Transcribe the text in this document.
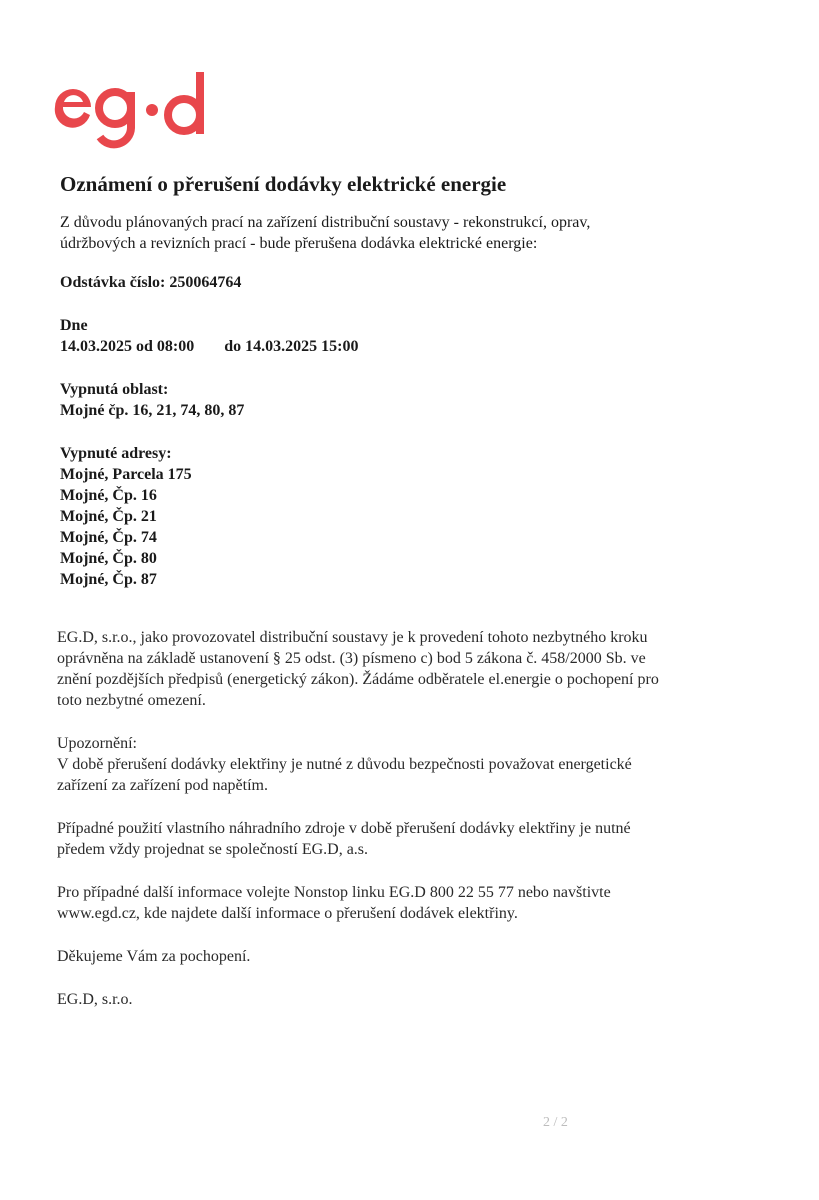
Oznámení o přerušení dodávky elektrické energie

Z důvodu plánovaných prací na zařízení distribuční soustavy - rekonstrukcí, oprav,

údržbových a revizních prací - bude přerušena dodávka elektrické energie:

Odstávka číslo: 250064764

Dne

14.03.2025 od 08:00 do 14.03.2025 15:00

Vypnutá oblast:

Mojné čp. 16, 21, 74, 80, 87

Vypnuté adresy:

Mojné, Parcela 175

Mojné, Čp. 16

Mojné, Čp. 21

Mojné, Čp. 74

Mojné, Čp. 80

Mojné, Čp. 87

EG.D, s.r.o., jako provozovatel distribuční soustavy je k provedení tohoto nezbytného kroku

oprávněna na základě ustanovení § 25 odst. (3) písmeno c) bod 5 zákona č. 458/2000 Sb. ve

znění pozdějších předpisů (energetický zákon). Žádáme odběratele el.energie o pochopení pro

toto nezbytné omezení.

Upozornění:

V době přerušení dodávky elektřiny je nutné z důvodu bezpečnosti považovat energetické

zařízení za zařízení pod napětím.

Případné použití vlastního náhradního zdroje v době přerušení dodávky elektřiny je nutné

předem vždy projednat se společností EG.D, a.s.

Pro případné další informace volejte Nonstop linku EG.D 800 22 55 77 nebo navštivte

www.egd.cz, kde najdete další informace o přerušení dodávek elektřiny.

Děkujeme Vám za pochopení.

EG.D, s.r.o.

2 / 2
